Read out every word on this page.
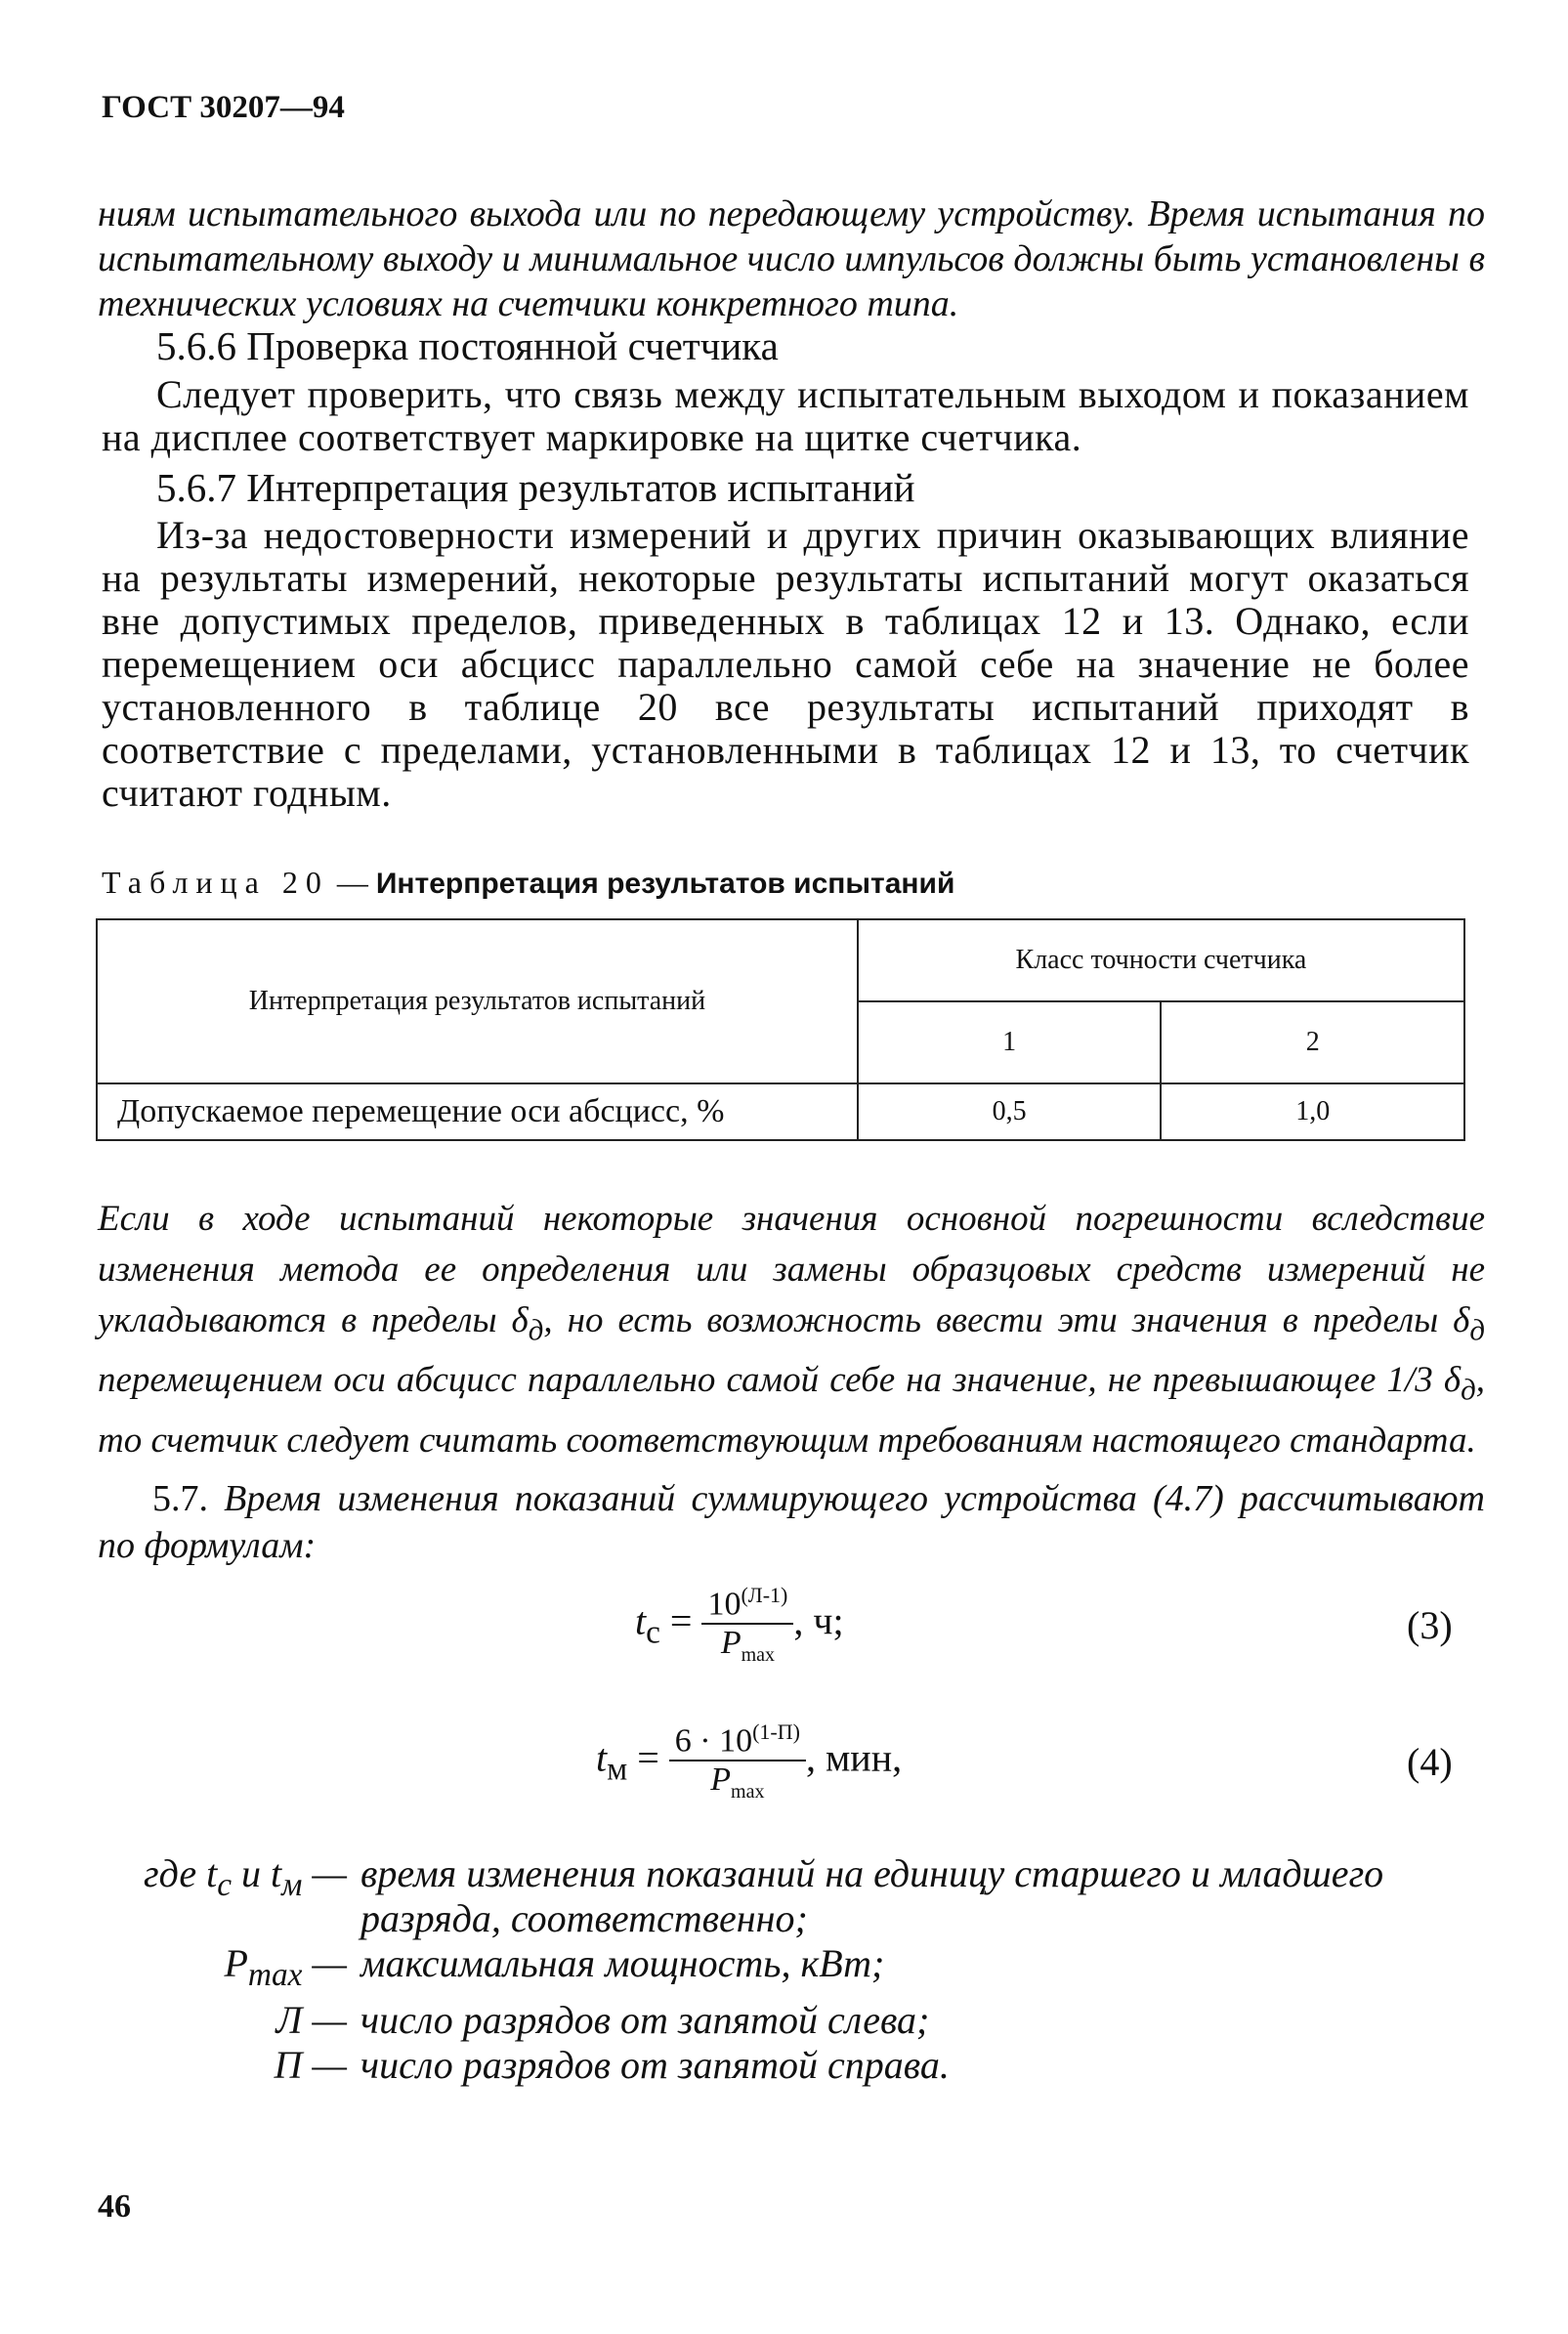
ГОСТ 30207—94
ниям испытательного выхода или по передающему устройству. Время испытания по испытательному выходу и минимальное число импульсов должны быть установлены в технических условиях на счетчики конкретного типа.
5.6.6 Проверка постоянной счетчика
Следует проверить, что связь между испытательным выходом и показанием на дисплее соответствует маркировке на щитке счетчика.
5.6.7 Интерпретация результатов испытаний
Из-за недостоверности измерений и других причин оказывающих влияние на результаты измерений, некоторые результаты испытаний могут оказаться вне допустимых пределов, приведенных в таблицах 12 и 13. Однако, если перемещением оси абсцисс параллельно самой себе на значение не более установленного в таблице 20 все результаты испытаний приходят в соответствие с пределами, установленными в таблицах 12 и 13, то счетчик считают годным.
Таблица 20 — Интерпретация результатов испытаний
Интерпретация результатов испытаний	Класс точности счетчика	
	1	2
Допускаемое перемещение оси абсцисс, %	0,5	1,0
Если в ходе испытаний некоторые значения основной погрешности вследствие изменения метода ее определения или замены образцовых средств измерений не укладываются в пределы $\delta_д$, но есть возможность ввести эти значения в пределы $\delta_д$ перемещением оси абсцисс параллельно самой себе на значение, не превышающее 1/3 $\delta_д$, то счетчик следует считать соответствующим требованиям настоящего стандарта.
5.7. Время изменения показаний суммирующего устройства (4.7) рассчитывают по формулам:
$t_с = \frac{10^{(Л-1)}}{P_{max}}$ , ч;	(3)
$t_м = \frac{6 \cdot 10^{(1-П)}}{P_{max}}$ , мин,	(4)
где $t_с$ и $t_м$ — время изменения показаний на единицу старшего и младшего разряда, соответственно;
$P_{max}$ — максимальная мощность, кВт;
Л — число разрядов от запятой слева;
П — число разрядов от запятой справа.
46
